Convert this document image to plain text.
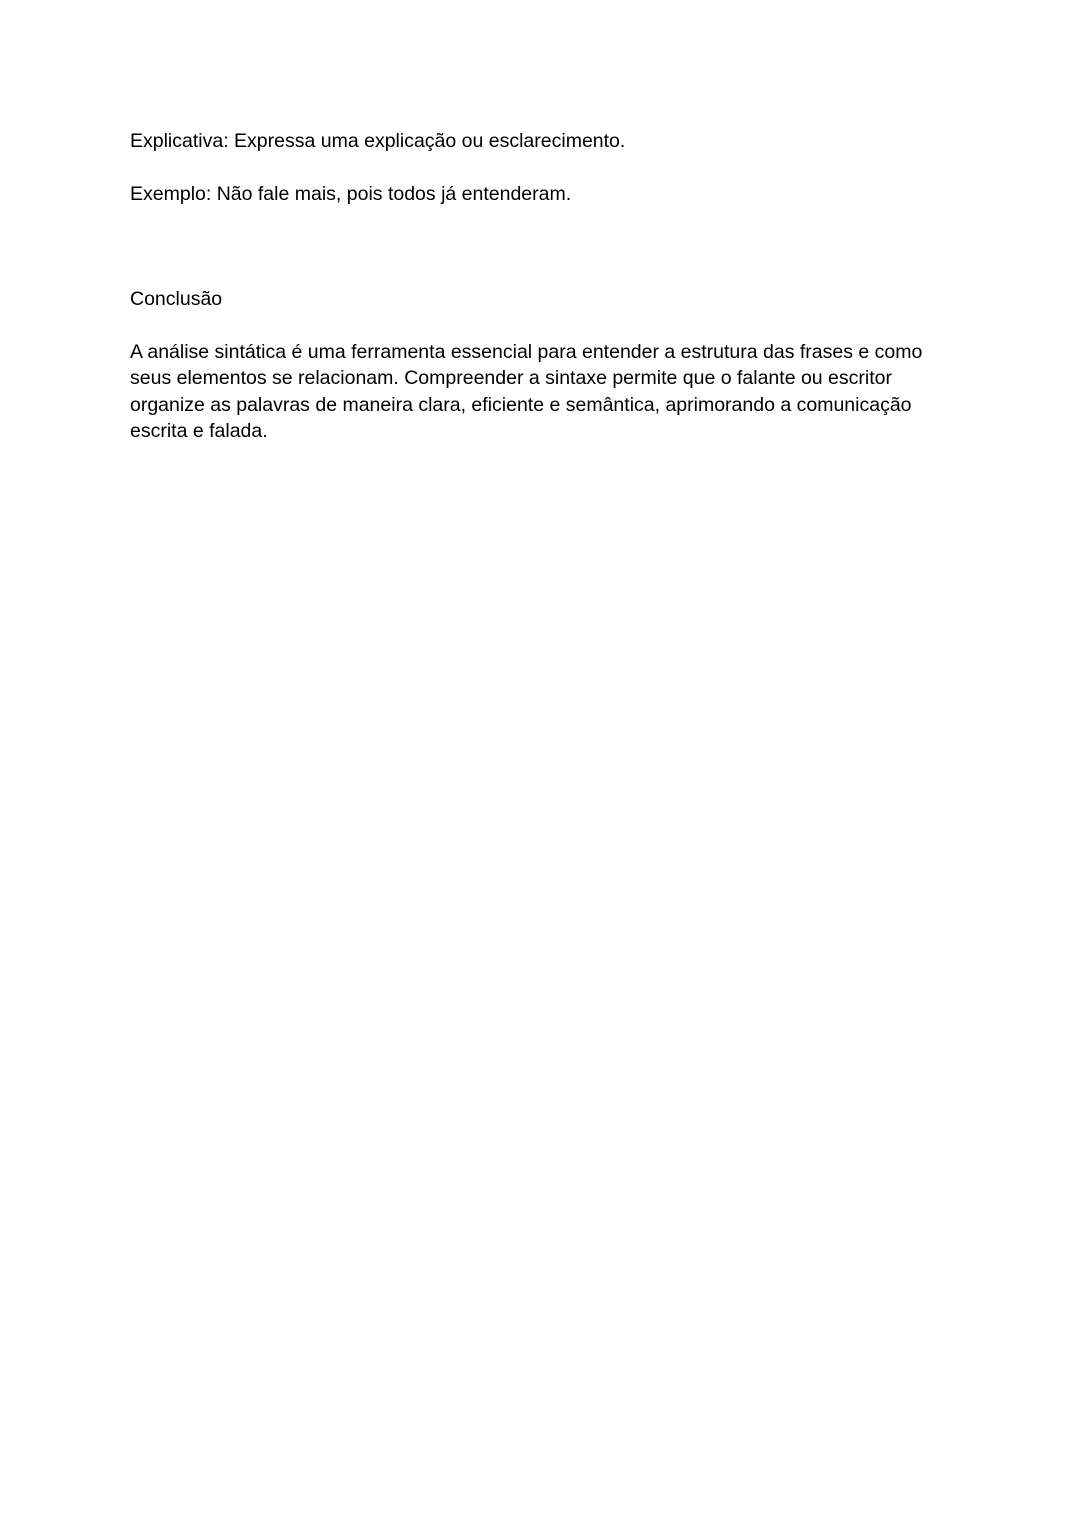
Explicativa: Expressa uma explicação ou esclarecimento.

Exemplo: Não fale mais, pois todos já entenderam.

Conclusão

A análise sintática é uma ferramenta essencial para entender a estrutura das frases e como

seus elementos se relacionam. Compreender a sintaxe permite que o falante ou escritor

organize as palavras de maneira clara, eficiente e semântica, aprimorando a comunicação

escrita e falada.
